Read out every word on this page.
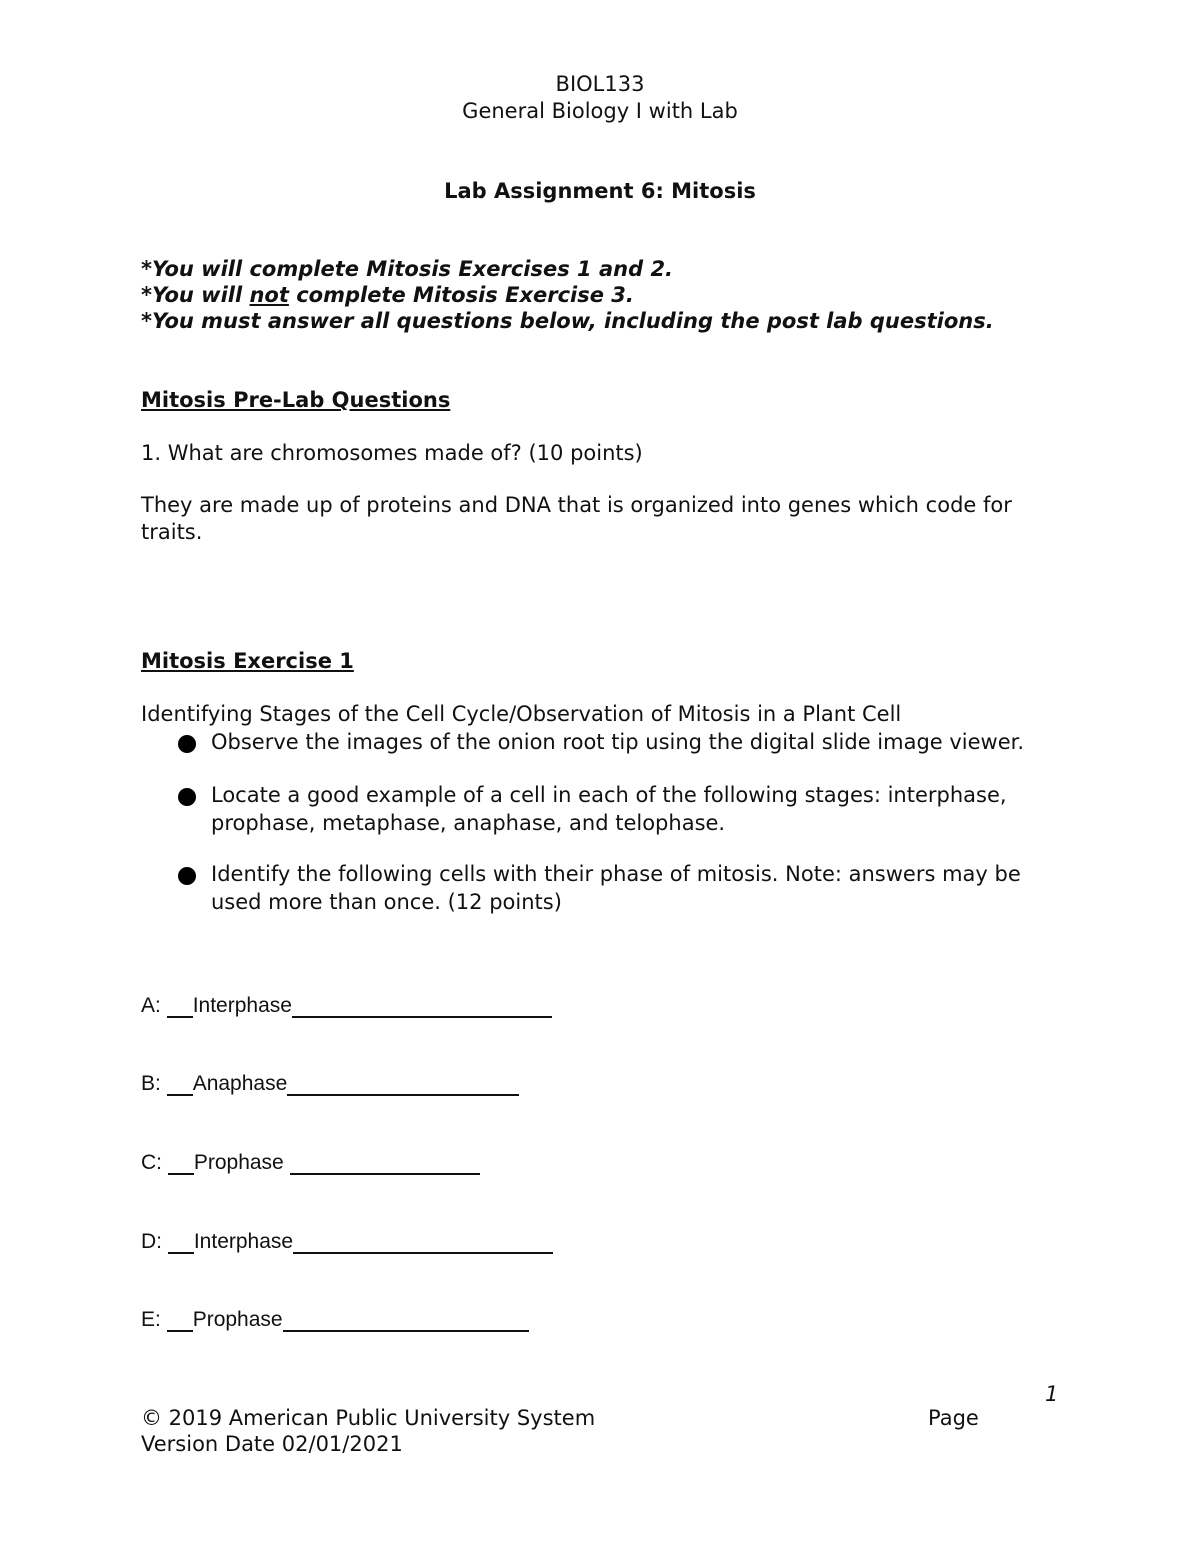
BIOL133
General Biology I with Lab
Lab Assignment 6: Mitosis
*You will complete Mitosis Exercises 1 and 2.
*You will not complete Mitosis Exercise 3.
*You must answer all questions below, including the post lab questions.
Mitosis Pre-Lab Questions
1. What are chromosomes made of? (10 points)
They are made up of proteins and DNA that is organized into genes which code for traits.
Mitosis Exercise 1
Identifying Stages of the Cell Cycle/Observation of Mitosis in a Plant Cell
Observe the images of the onion root tip using the digital slide image viewer.
Locate a good example of a cell in each of the following stages: interphase, prophase, metaphase, anaphase, and telophase.
Identify the following cells with their phase of mitosis. Note: answers may be used more than once. (12 points)
A: Interphase
B: Anaphase
C: Prophase
D: Interphase
E: Prophase
1
© 2019 American Public University System	Page
Version Date 02/01/2021
